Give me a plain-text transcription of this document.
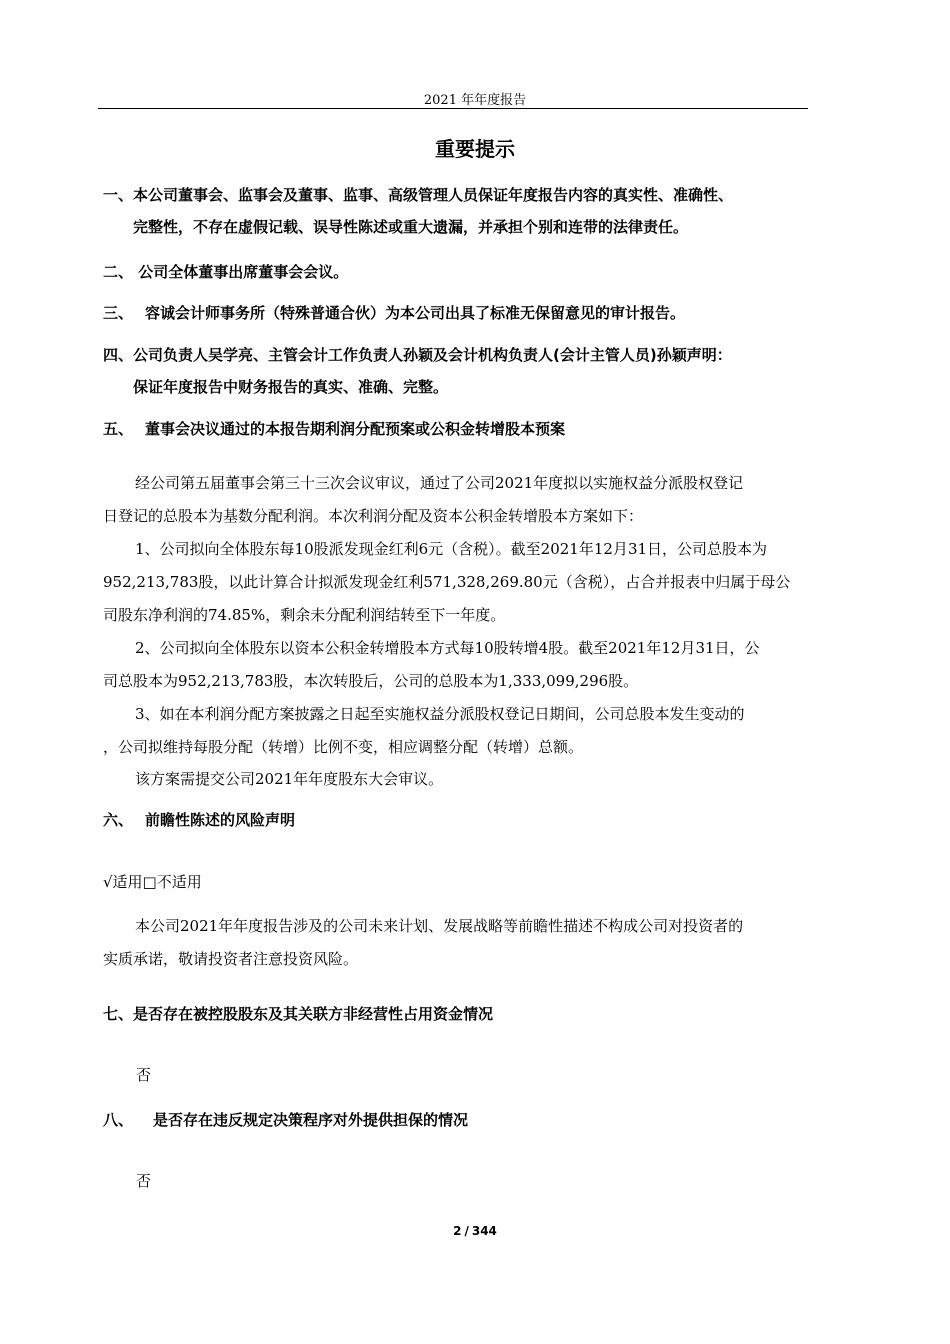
2021 年年度报告
重要提示
一、本公司董事会、监事会及董事、监事、高级管理人员保证年度报告内容的真实性、准确性、
完整性，不存在虚假记载、误导性陈述或重大遗漏，并承担个别和连带的法律责任。
二、 公司全体董事出席董事会会议。
三、 容诚会计师事务所（特殊普通合伙）为本公司出具了标准无保留意见的审计报告。
四、公司负责人吴学亮、主管会计工作负责人孙颖及会计机构负责人(会计主管人员)孙颖声明：
保证年度报告中财务报告的真实、准确、完整。
五、 董事会决议通过的本报告期利润分配预案或公积金转增股本预案
经公司第五届董事会第三十三次会议审议，通过了公司2021年度拟以实施权益分派股权登记
日登记的总股本为基数分配利润。本次利润分配及资本公积金转增股本方案如下：
1、公司拟向全体股东每10股派发现金红利6元（含税）。截至2021年12月31日，公司总股本为
952,213,783股，以此计算合计拟派发现金红利571,328,269.80元（含税），占合并报表中归属于母公
司股东净利润的74.85%，剩余未分配利润结转至下一年度。
2、公司拟向全体股东以资本公积金转增股本方式每10股转增4股。截至2021年12月31日，公
司总股本为952,213,783股，本次转股后，公司的总股本为1,333,099,296股。
3、如在本利润分配方案披露之日起至实施权益分派股权登记日期间，公司总股本发生变动的
，公司拟维持每股分配（转增）比例不变，相应调整分配（转增）总额。
该方案需提交公司2021年年度股东大会审议。
六、 前瞻性陈述的风险声明
√适用□不适用
本公司2021年年度报告涉及的公司未来计划、发展战略等前瞻性描述不构成公司对投资者的
实质承诺，敬请投资者注意投资风险。
七、是否存在被控股股东及其关联方非经营性占用资金情况
否
八、 是否存在违反规定决策程序对外提供担保的情况
否
2 / 344
